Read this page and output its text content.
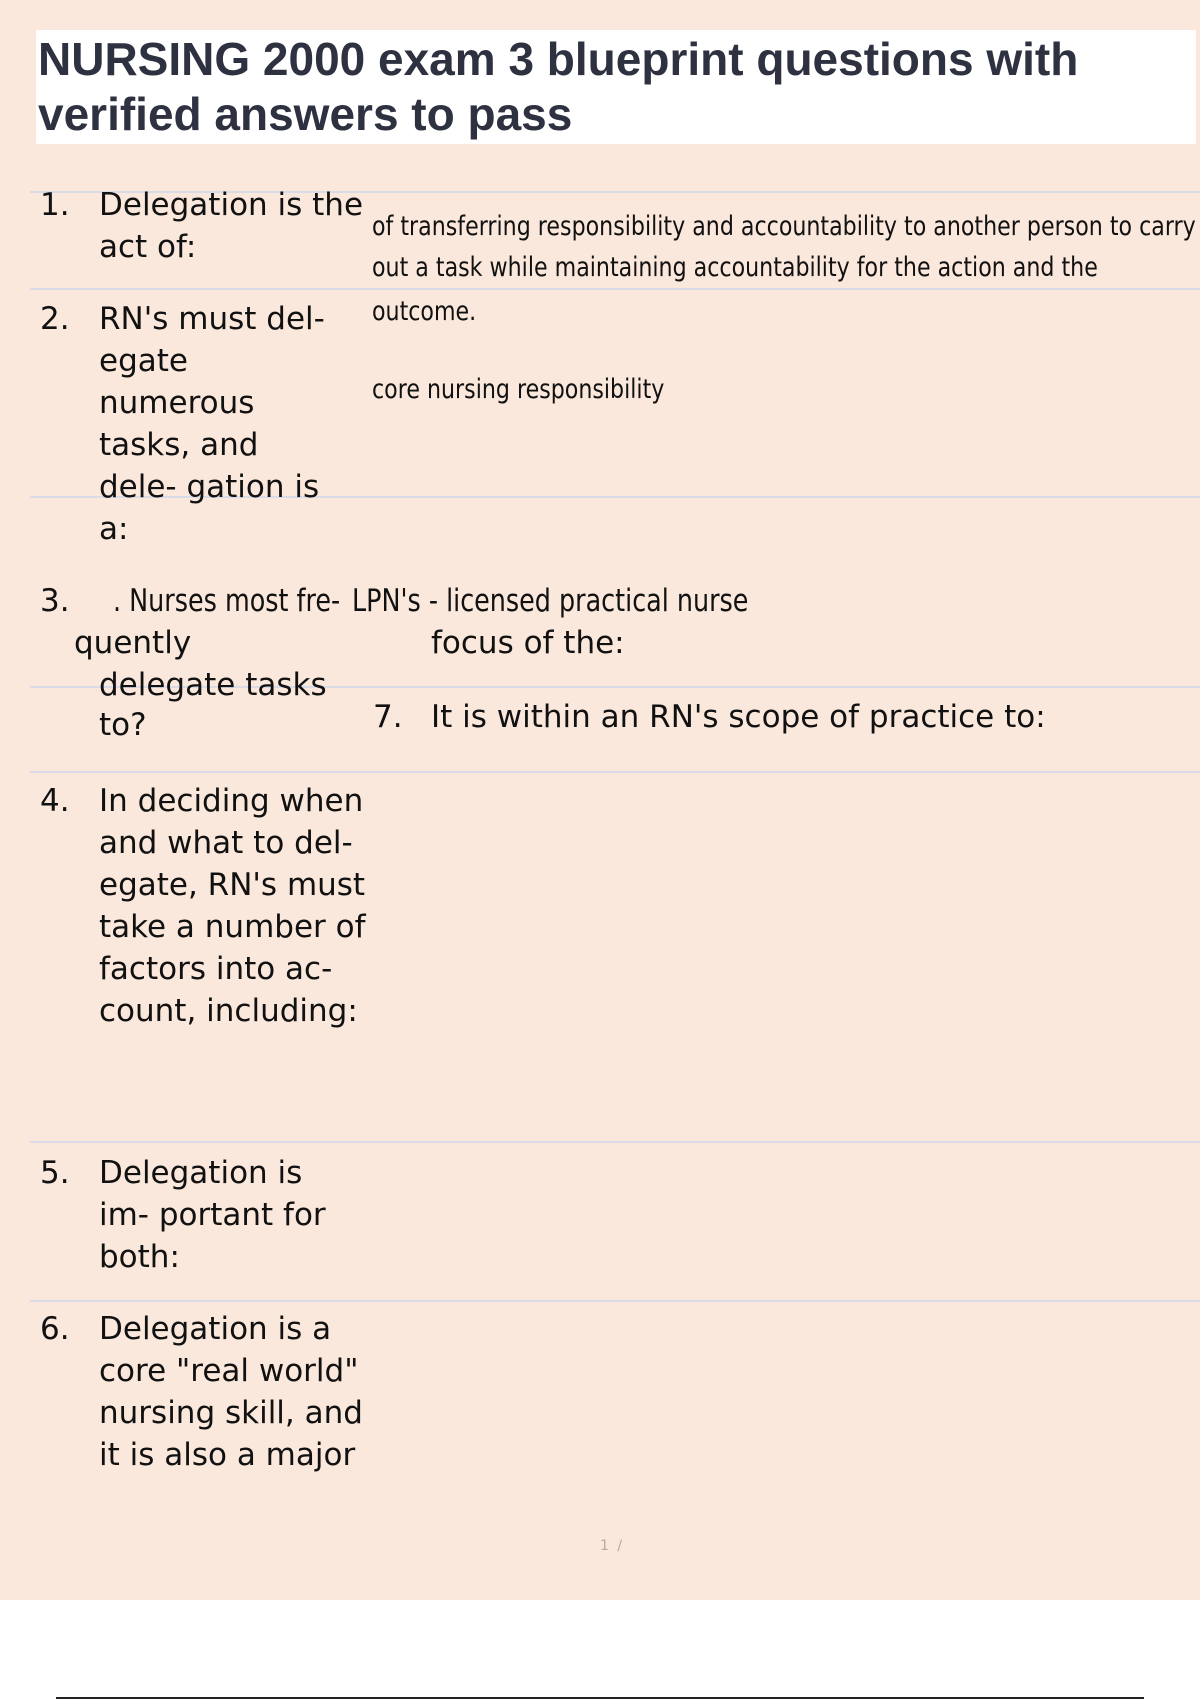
NURSING 2000 exam 3 blueprint questions with verified answers to pass
1. Delegation is the act of:
of transferring responsibility and accountability to another person to carry
out a task while maintaining accountability for the action and the
outcome.
2. RN's must del- egate numerous tasks, and dele- gation is a:
core nursing responsibility
3. . Nurses most fre- LPN's - licensed practical nurse
quently
delegate tasks
to?
focus of the:
7. It is within an RN's scope of practice to:
4. In deciding when and what to del- egate, RN's must take a number of factors into ac- count, including:
5. Delegation is im- portant for both:
6. Delegation is a core "real world" nursing skill, and it is also a major
1 /
